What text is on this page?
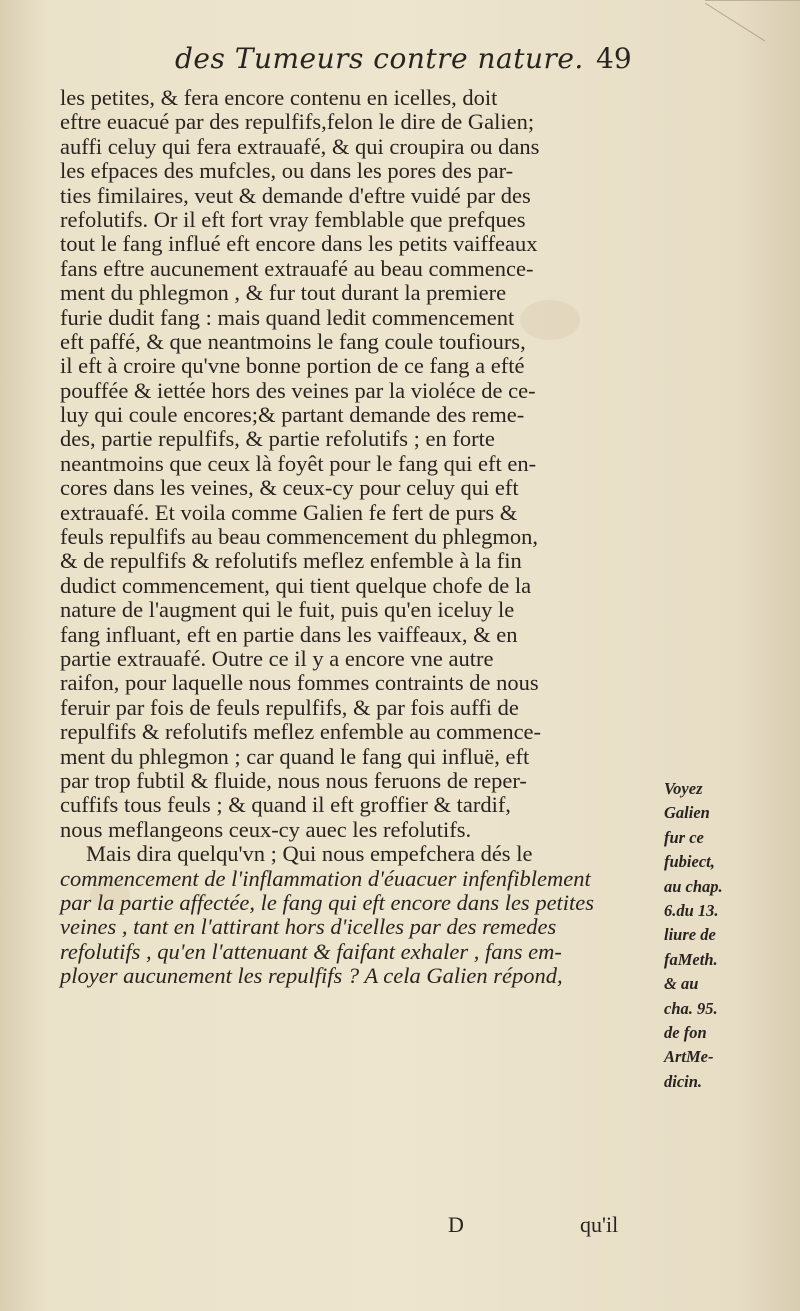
des Tumeurs contre nature. 49
les petites, & fera encore contenu en icelles, doit
eftre euacué par des repulfifs,felon le dire de Galien;
auffi celuy qui fera extrauafé, & qui croupira ou dans
les efpaces des mufcles, ou dans les pores des par-
ties fimilaires, veut & demande d'eftre vuidé par des
refolutifs. Or il eft fort vray femblable que prefques
tout le fang influé eft encore dans les petits vaiffeaux
fans eftre aucunement extrauafé au beau commence-
ment du phlegmon , & fur tout durant la premiere
furie dudit fang : mais quand ledit commencement
eft paffé, & que neantmoins le fang coule toufiours,
il eft à croire qu'vne bonne portion de ce fang a efté
pouffée & iettée hors des veines par la violéce de ce-
luy qui coule encores;& partant demande des reme-
des, partie repulfifs, & partie refolutifs ; en forte
neantmoins que ceux là foyêt pour le fang qui eft en-
cores dans les veines, & ceux-cy pour celuy qui eft
extrauafé. Et voila comme Galien fe fert de purs &
feuls repulfifs au beau commencement du phlegmon,
& de repulfifs & refolutifs meflez enfemble à la fin
dudict commencement, qui tient quelque chofe de la
nature de l'augment qui le fuit, puis qu'en iceluy le
fang influant, eft en partie dans les vaiffeaux, & en
partie extrauafé. Outre ce il y a encore vne autre
raifon, pour laquelle nous fommes contraints de nous
feruir par fois de feuls repulfifs, & par fois auffi de
repulfifs & refolutifs meflez enfemble au commence-
ment du phlegmon ; car quand le fang qui influë, eft
par trop fubtil & fluide, nous nous feruons de reper-
cuffifs tous feuls ; & quand il eft groffier & tardif,
nous meflangeons ceux-cy auec les refolutifs.
Mais dira quelqu'vn ; Qui nous empefchera dés le
commencement de l'inflammation d'éuacuer infenfiblement
par la partie affectée, le fang qui eft encore dans les petites
veines , tant en l'attirant hors d'icelles par des remedes
refolutifs , qu'en l'attenuant & faifant exhaler , fans em-
ployer aucunement les repulfifs ? A cela Galien répond,
Voyez
Galien
fur ce
fubiect,
au chap.
6.du 13.
liure de
faMeth.
& au
cha. 95.
de fon
ArtMe-
dicin.
D	qu'il
